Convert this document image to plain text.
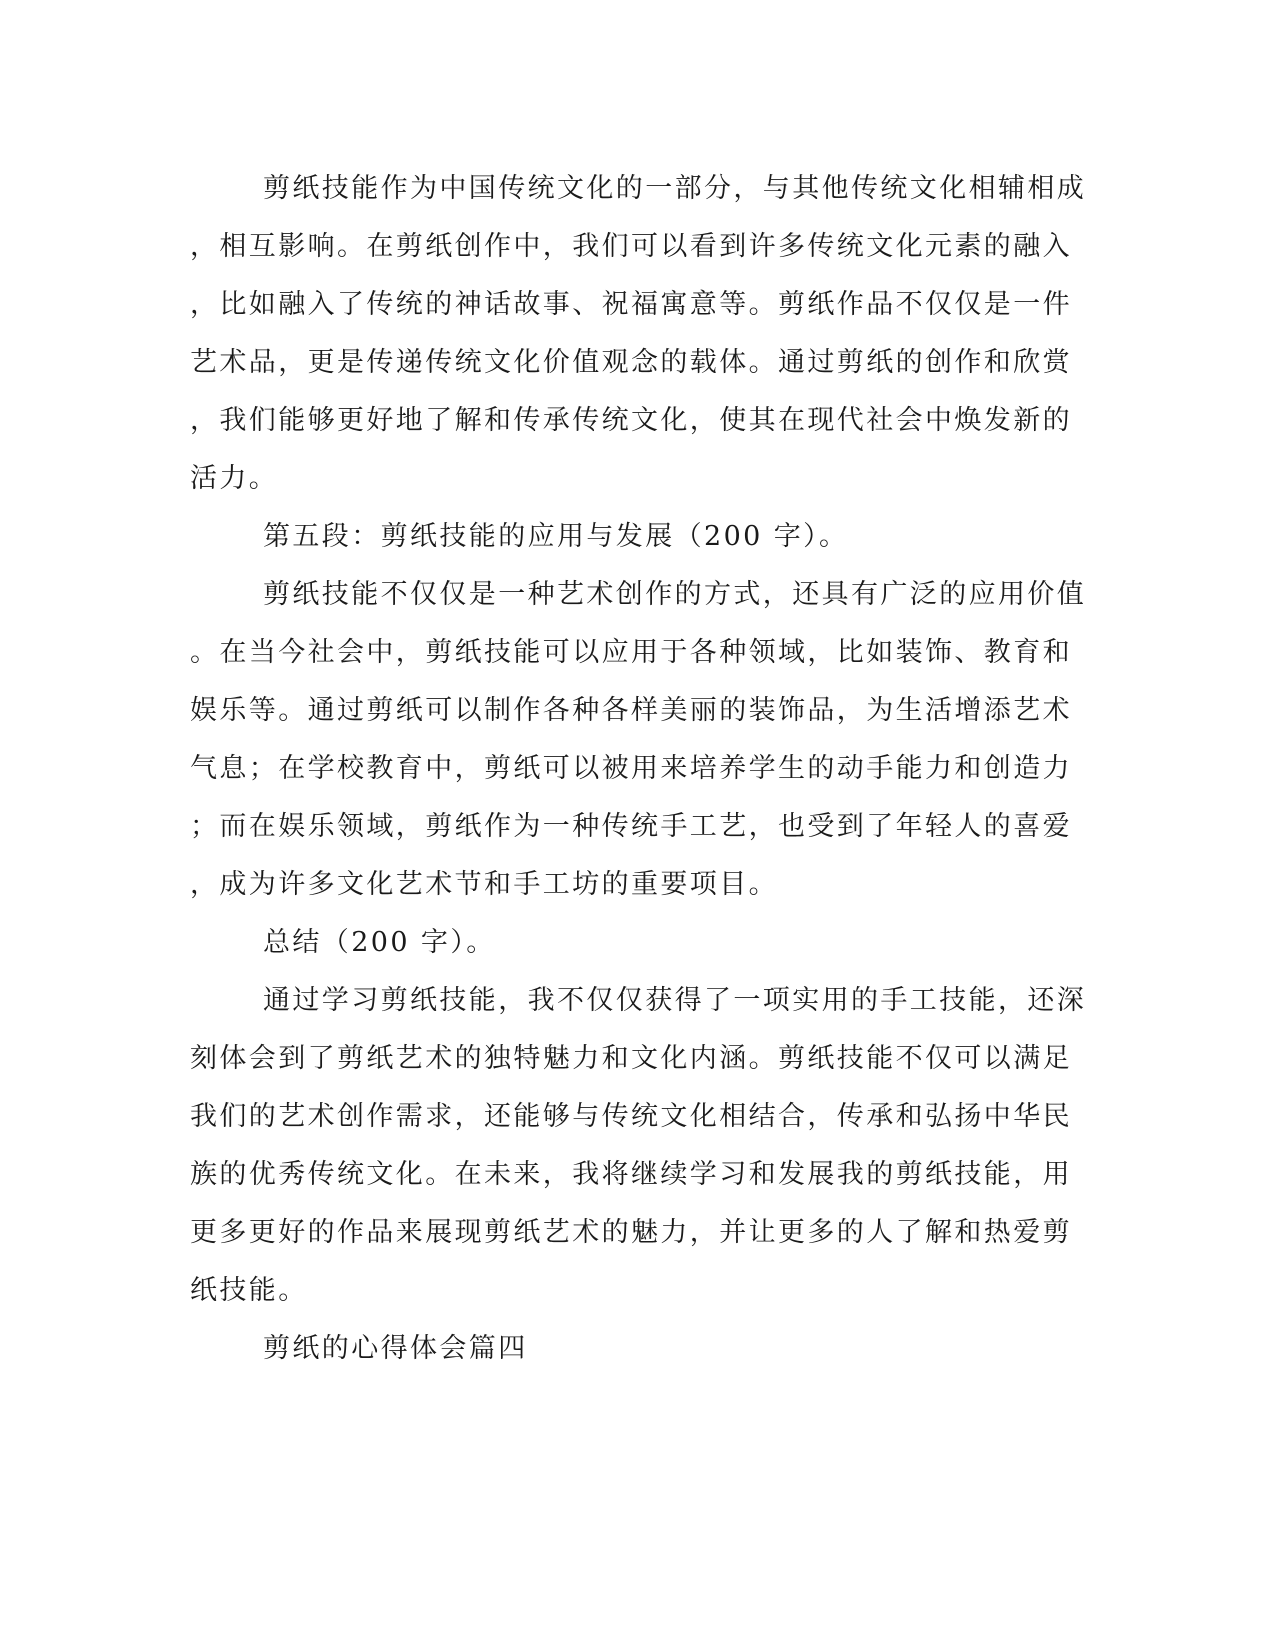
剪纸技能作为中国传统文化的一部分，与其他传统文化相辅相成
，相互影响。在剪纸创作中，我们可以看到许多传统文化元素的融入
，比如融入了传统的神话故事、祝福寓意等。剪纸作品不仅仅是一件
艺术品，更是传递传统文化价值观念的载体。通过剪纸的创作和欣赏
，我们能够更好地了解和传承传统文化，使其在现代社会中焕发新的
活力。
第五段：剪纸技能的应用与发展（200 字）。
剪纸技能不仅仅是一种艺术创作的方式，还具有广泛的应用价值
。在当今社会中，剪纸技能可以应用于各种领域，比如装饰、教育和
娱乐等。通过剪纸可以制作各种各样美丽的装饰品，为生活增添艺术
气息；在学校教育中，剪纸可以被用来培养学生的动手能力和创造力
；而在娱乐领域，剪纸作为一种传统手工艺，也受到了年轻人的喜爱
，成为许多文化艺术节和手工坊的重要项目。
总结（200 字）。
通过学习剪纸技能，我不仅仅获得了一项实用的手工技能，还深
刻体会到了剪纸艺术的独特魅力和文化内涵。剪纸技能不仅可以满足
我们的艺术创作需求，还能够与传统文化相结合，传承和弘扬中华民
族的优秀传统文化。在未来，我将继续学习和发展我的剪纸技能，用
更多更好的作品来展现剪纸艺术的魅力，并让更多的人了解和热爱剪
纸技能。
剪纸的心得体会篇四
